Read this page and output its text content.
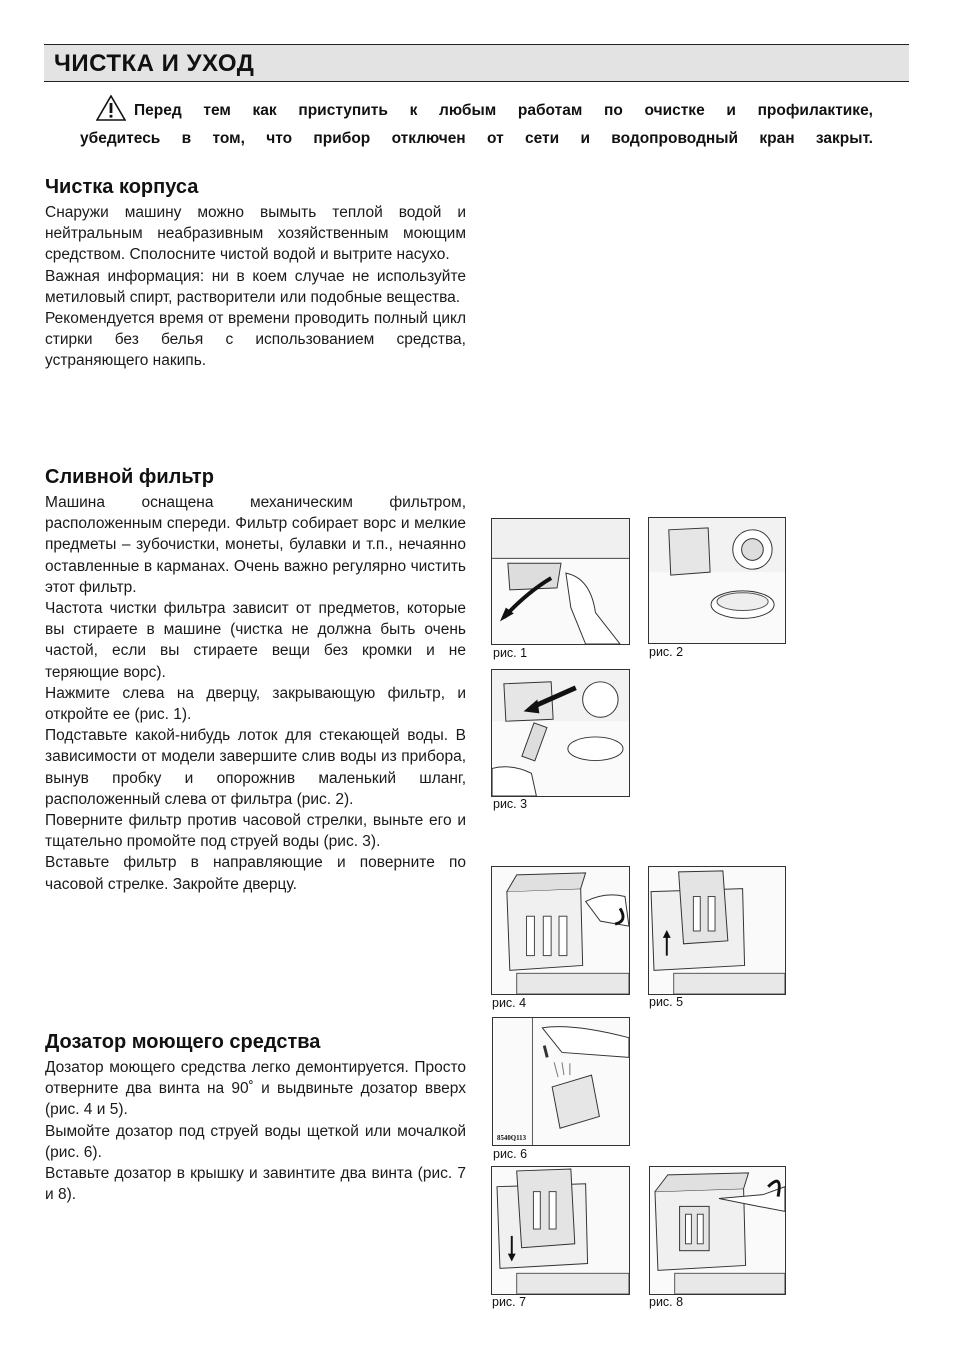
ЧИСТКА И УХОД
Перед тем как приступить к любым работам по очистке и профилактике,
убедитесь в том, что прибор отключен от сети и водопроводный кран закрыт.
Чистка корпуса

Снаружи машину можно вымыть теплой водой и нейтральным неабразивным хозяйственным моющим средством. Сполосните чистой водой и вытрите насухо.

Важная информация: ни в коем случае не используйте метиловый спирт, растворители или подобные вещества.

Рекомендуется время от времени проводить полный цикл стирки без белья с использованием средства, устраняющего накипь.

Сливной фильтр

Машина оснащена механическим фильтром, расположенным спереди. Фильтр собирает ворс и мелкие предметы – зубочистки, монеты, булавки и т.п., нечаянно оставленные в карманах. Очень важно регулярно чистить этот фильтр.

Частота чистки фильтра зависит от предметов, которые вы стираете в машине (чистка не должна быть очень частой, если вы стираете вещи без кромки и не теряющие ворс).

Нажмите слева на дверцу, закрывающую фильтр, и откройте ее (рис. 1).

Подставьте какой-нибудь лоток для стекающей воды. В зависимости от модели завершите слив воды из прибора, вынув пробку и опорожнив маленький шланг, расположенный слева от фильтра (рис. 2).

Поверните фильтр против часовой стрелки, выньте его и тщательно промойте под струей воды (рис. 3).

Вставьте фильтр в направляющие и поверните по часовой стрелке. Закройте дверцу.

Дозатор моющего средства

Дозатор моющего средства легко демонтируется. Просто отверните два винта на 90˚ и выдвиньте дозатор вверх (рис. 4 и 5).

Вымойте дозатор под струей воды щеткой или мочалкой (рис. 6).

Вставьте дозатор в крышку и завинтите два винта (рис. 7 и 8).

рис. 1	рис. 2
рис. 3
рис. 4	рис. 5
8540Q113
рис. 6
рис. 7	рис. 8
